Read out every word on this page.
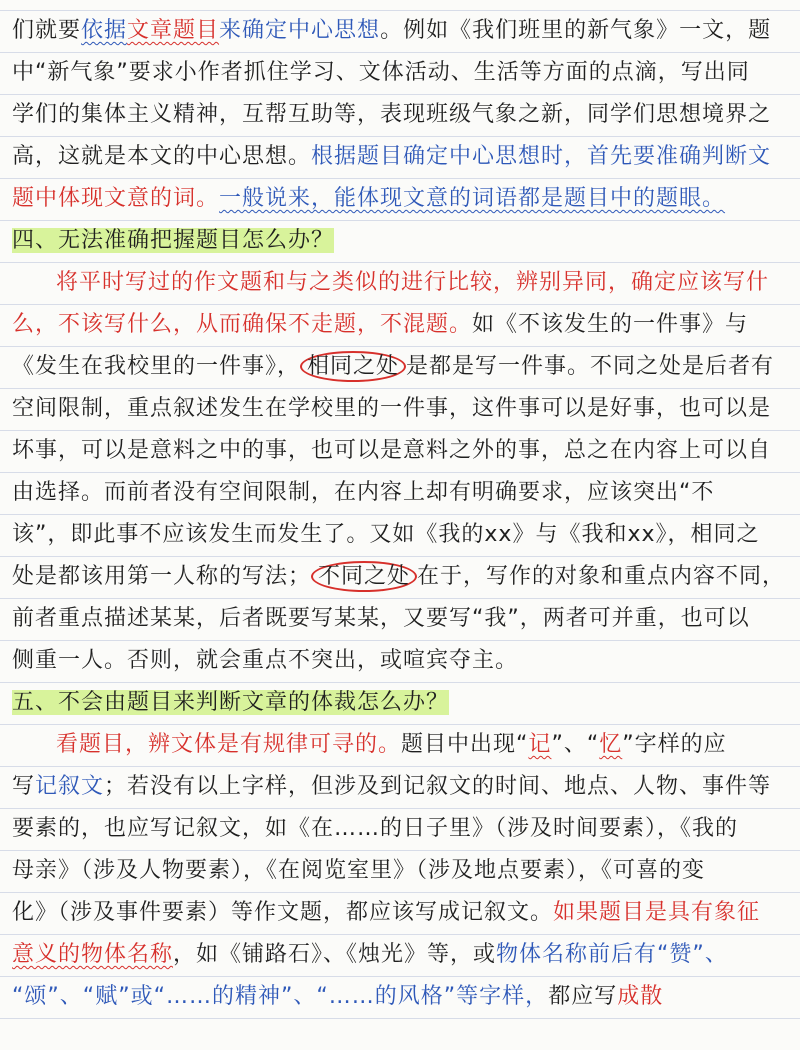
们就要依据文章题目来确定中心思想。例如《我们班里的新气象》一文，题
中“新气象”要求小作者抓住学习、文体活动、生活等方面的点滴，写出同
学们的集体主义精神，互帮互助等，表现班级气象之新，同学们思想境界之
高，这就是本文的中心思想。根据题目确定中心思想时，首先要准确判断文
题中体现文意的词。一般说来，能体现文意的词语都是题目中的题眼。
四、无法准确把握题目怎么办？
将平时写过的作文题和与之类似的进行比较，辨别异同，确定应该写什
么，不该写什么，从而确保不走题，不混题。如《不该发生的一件事》与
《发生在我校里的一件事》， 相同之处 是都是写一件事。不同之处是后者有
空间限制，重点叙述发生在学校里的一件事，这件事可以是好事，也可以是
坏事，可以是意料之中的事，也可以是意料之外的事，总之在内容上可以自
由选择。而前者没有空间限制，在内容上却有明确要求，应该突出“不
该”，即此事不应该发生而发生了。又如《我的xx》与《我和xx》，相同之
处是都该用第一人称的写法； 不同之处 在于，写作的对象和重点内容不同，
前者重点描述某某，后者既要写某某，又要写“我”，两者可并重，也可以
侧重一人。否则，就会重点不突出，或喧宾夺主。
五、不会由题目来判断文章的体裁怎么办？
看题目，辨文体是有规律可寻的。题目中出现“记”、“忆”字样的应
写记叙文；若没有以上字样，但涉及到记叙文的时间、地点、人物、事件等
要素的，也应写记叙文，如《在……的日子里》（涉及时间要素），《我的
母亲》（涉及人物要素），《在阅览室里》（涉及地点要素），《可喜的变
化》（涉及事件要素）等作文题，都应该写成记叙文。如果题目是具有象征
意义的物体名称，如《铺路石》、《烛光》等，或物体名称前后有“赞”、
“颂”、“赋”或“……的精神”、“……的风格”等字样，都应写成散
